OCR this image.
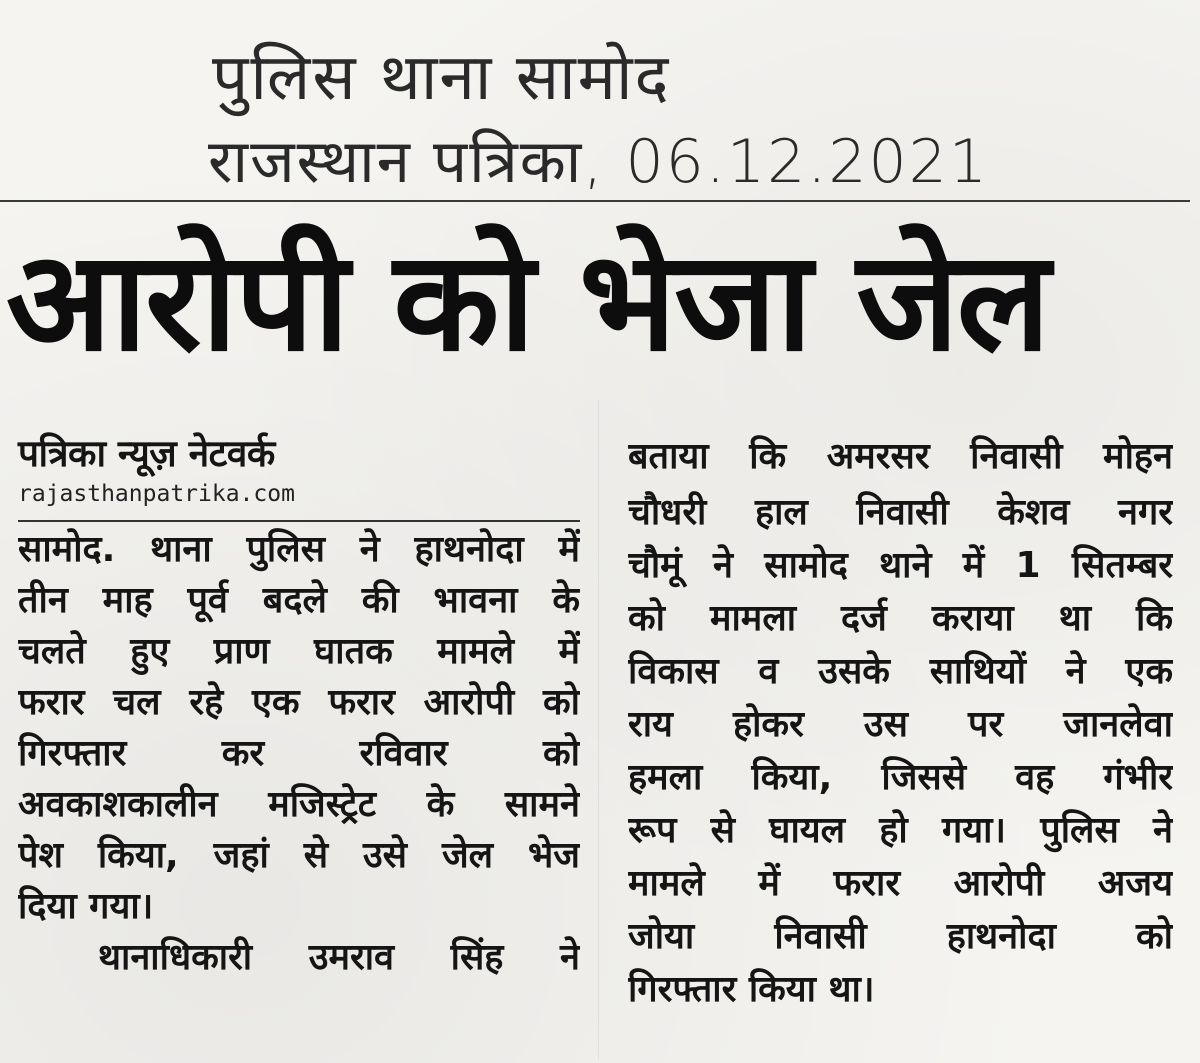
पुलिस थाना सामोद
राजस्थान पत्रिका, 06.12.2021
आरोपी को भेजा जेल
पत्रिका न्यूज़ नेटवर्क
rajasthanpatrika.com
सामोद. थाना पुलिस ने हाथनोदा में
तीन माह पूर्व बदले की भावना के
चलते हुए प्राण घातक मामले में
फरार चल रहे एक फरार आरोपी को
गिरफ्तार कर रविवार को
अवकाशकालीन मजिस्ट्रेट के सामने
पेश किया, जहां से उसे जेल भेज
दिया गया।
थानाधिकारी उमराव सिंह ने
बताया कि अमरसर निवासी मोहन
चौधरी हाल निवासी केशव नगर
चौमूं ने सामोद थाने में 1 सितम्बर
को मामला दर्ज कराया था कि
विकास व उसके साथियों ने एक
राय होकर उस पर जानलेवा
हमला किया, जिससे वह गंभीर
रूप से घायल हो गया। पुलिस ने
मामले में फरार आरोपी अजय
जोया निवासी हाथनोदा को
गिरफ्तार किया था।
